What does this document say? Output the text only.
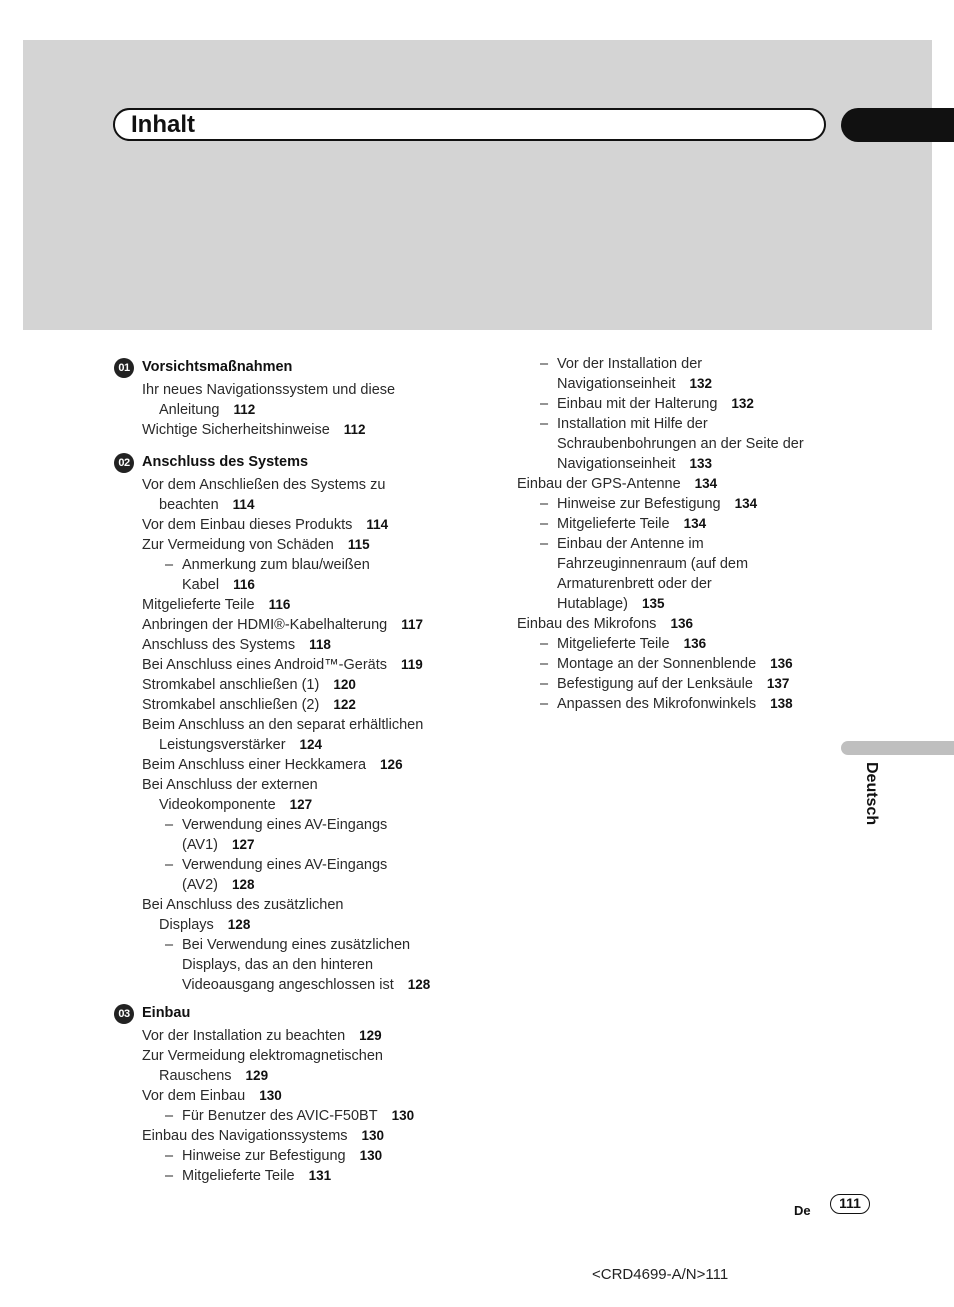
Inhalt
Deutsch
01 Vorsichtsmaßnahmen
Ihr neues Navigationssystem und diese
Anleitung 112
Wichtige Sicherheitshinweise 112
02 Anschluss des Systems
Vor dem Anschließen des Systems zu
beachten 114
Vor dem Einbau dieses Produkts 114
Zur Vermeidung von Schäden 115
– Anmerkung zum blau/weißen
Kabel 116
Mitgelieferte Teile 116
Anbringen der HDMI®-Kabelhalterung 117
Anschluss des Systems 118
Bei Anschluss eines Android™-Geräts 119
Stromkabel anschließen (1) 120
Stromkabel anschließen (2) 122
Beim Anschluss an den separat erhältlichen
Leistungsverstärker 124
Beim Anschluss einer Heckkamera 126
Bei Anschluss der externen
Videokomponente 127
– Verwendung eines AV-Eingangs
(AV1) 127
– Verwendung eines AV-Eingangs
(AV2) 128
Bei Anschluss des zusätzlichen
Displays 128
– Bei Verwendung eines zusätzlichen
Displays, das an den hinteren
Videoausgang angeschlossen ist 128
03 Einbau
Vor der Installation zu beachten 129
Zur Vermeidung elektromagnetischen
Rauschens 129
Vor dem Einbau 130
– Für Benutzer des AVIC-F50BT 130
Einbau des Navigationssystems 130
– Hinweise zur Befestigung 130
– Mitgelieferte Teile 131
– Vor der Installation der
Navigationseinheit 132
– Einbau mit der Halterung 132
– Installation mit Hilfe der
Schraubenbohrungen an der Seite der
Navigationseinheit 133
Einbau der GPS-Antenne 134
– Hinweise zur Befestigung 134
– Mitgelieferte Teile 134
– Einbau der Antenne im
Fahrzeuginnenraum (auf dem
Armaturenbrett oder der
Hutablage) 135
Einbau des Mikrofons 136
– Mitgelieferte Teile 136
– Montage an der Sonnenblende 136
– Befestigung auf der Lenksäule 137
– Anpassen des Mikrofonwinkels 138
De	111
<CRD4699-A/N>111
